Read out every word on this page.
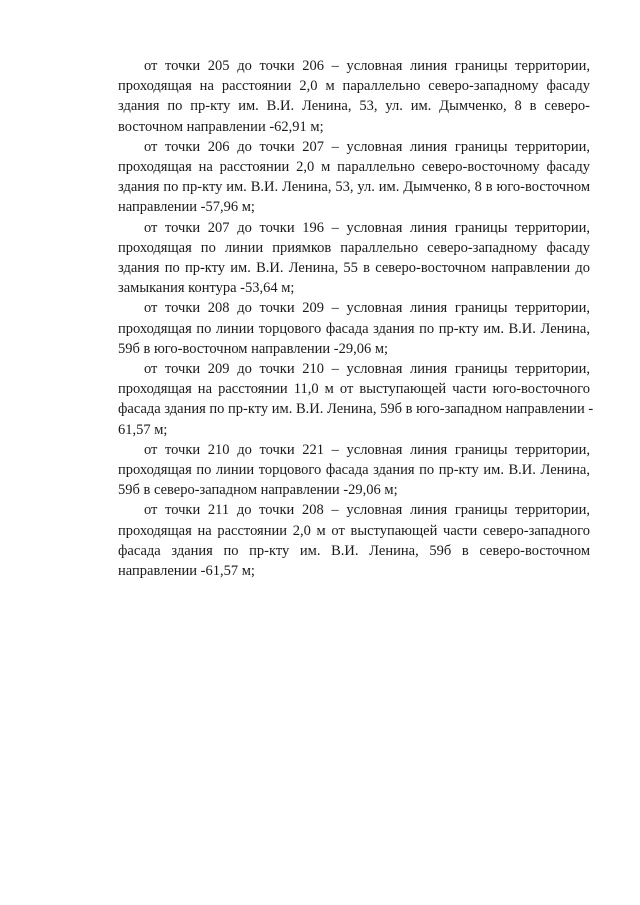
от точки 205 до точки 206 – условная линия границы территории,
проходящая на расстоянии 2,0 м параллельно северо-западному фасаду
здания по пр-кту им. В.И. Ленина, 53, ул. им. Дымченко, 8 в северо-
восточном направлении -62,91 м;

от точки 206 до точки 207 – условная линия границы территории,
проходящая на расстоянии 2,0 м параллельно северо-восточному фасаду
здания по пр-кту им. В.И. Ленина, 53, ул. им. Дымченко, 8 в юго-восточном
направлении -57,96 м;

от точки 207 до точки 196 – условная линия границы территории,
проходящая по линии приямков параллельно северо-западному фасаду
здания по пр-кту им. В.И. Ленина, 55 в северо-восточном направлении до
замыкания контура -53,64 м;

от точки 208 до точки 209 – условная линия границы территории,
проходящая по линии торцового фасада здания по пр-кту им. В.И. Ленина,
59б в юго-восточном направлении -29,06 м;

от точки 209 до точки 210 – условная линия границы территории,
проходящая на расстоянии 11,0 м от выступающей части юго-восточного
фасада здания по пр-кту им. В.И. Ленина, 59б в юго-западном направлении -
61,57 м;

от точки 210 до точки 221 – условная линия границы территории,
проходящая по линии торцового фасада здания по пр-кту им. В.И. Ленина,
59б в северо-западном направлении -29,06 м;

от точки 211 до точки 208 – условная линия границы территории,
проходящая на расстоянии 2,0 м от выступающей части северо-западного
фасада здания по пр-кту им. В.И. Ленина, 59б в северо-восточном
направлении -61,57 м;
